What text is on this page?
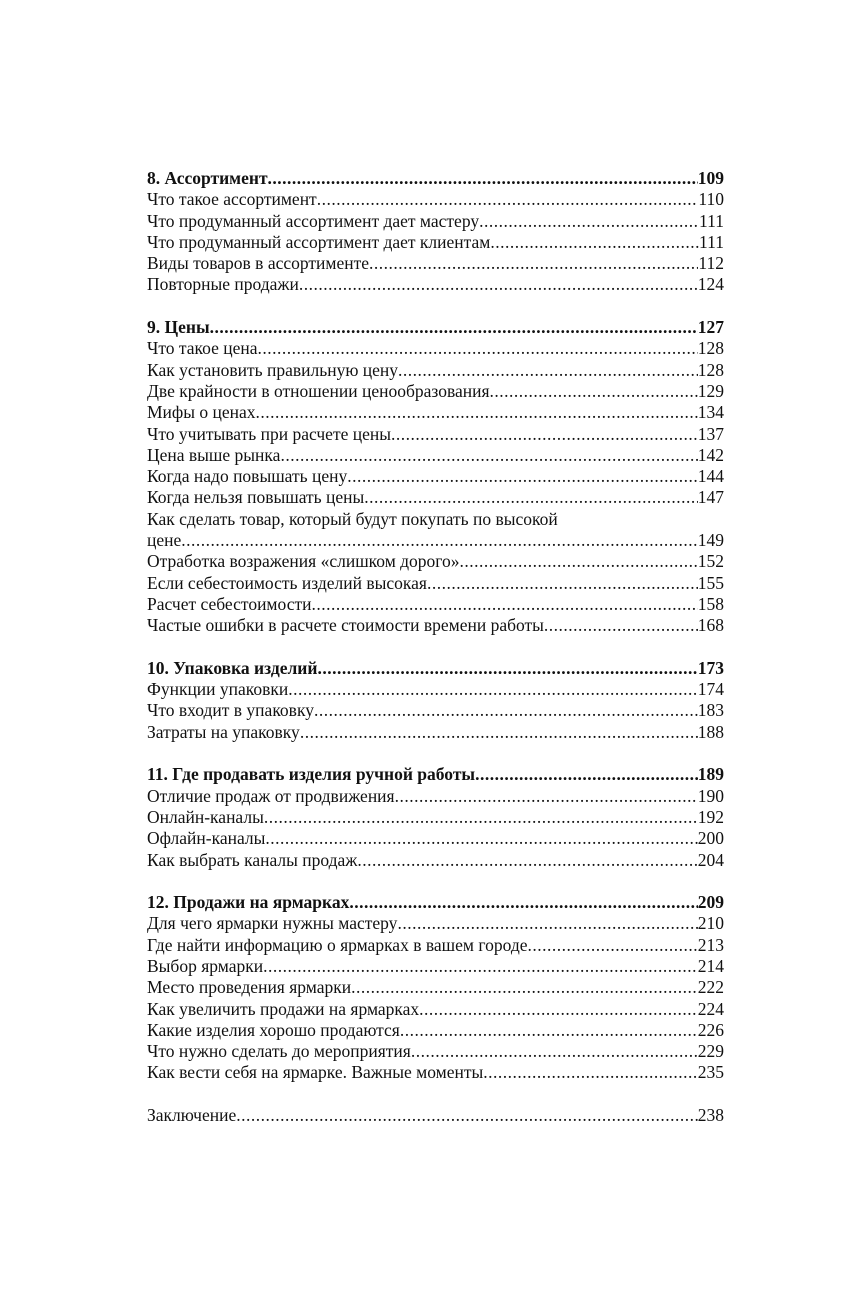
8. Ассортимент .....	109
Что такое ассортимент .....	110
Что продуманный ассортимент дает мастеру .....	111
Что продуманный ассортимент дает клиентам .....	111
Виды товаров в ассортименте .....	112
Повторные продажи .....	124
9. Цены .....	127
Что такое цена .....	128
Как установить правильную цену .....	128
Две крайности в отношении ценообразования .....	129
Мифы о ценах .....	134
Что учитывать при расчете цены .....	137
Цена выше рынка .....	142
Когда надо повышать цену .....	144
Когда нельзя повышать цены .....	147
Как сделать товар, который будут покупать по высокой
цене .....	149
Отработка возражения «слишком дорого» .....	152
Если себестоимость изделий высокая .....	155
Расчет себестоимости .....	158
Частые ошибки в расчете стоимости времени работы .....	168
10. Упаковка изделий .....	173
Функции упаковки .....	174
Что входит в упаковку .....	183
Затраты на упаковку .....	188
11. Где продавать изделия ручной работы .....	189
Отличие продаж от продвижения .....	190
Онлайн-каналы .....	192
Офлайн-каналы .....	200
Как выбрать каналы продаж .....	204
12. Продажи на ярмарках .....	209
Для чего ярмарки нужны мастеру .....	210
Где найти информацию о ярмарках в вашем городе .....	213
Выбор ярмарки .....	214
Место проведения ярмарки .....	222
Как увеличить продажи на ярмарках .....	224
Какие изделия хорошо продаются .....	226
Что нужно сделать до мероприятия .....	229
Как вести себя на ярмарке. Важные моменты .....	235
Заключение .....	238
